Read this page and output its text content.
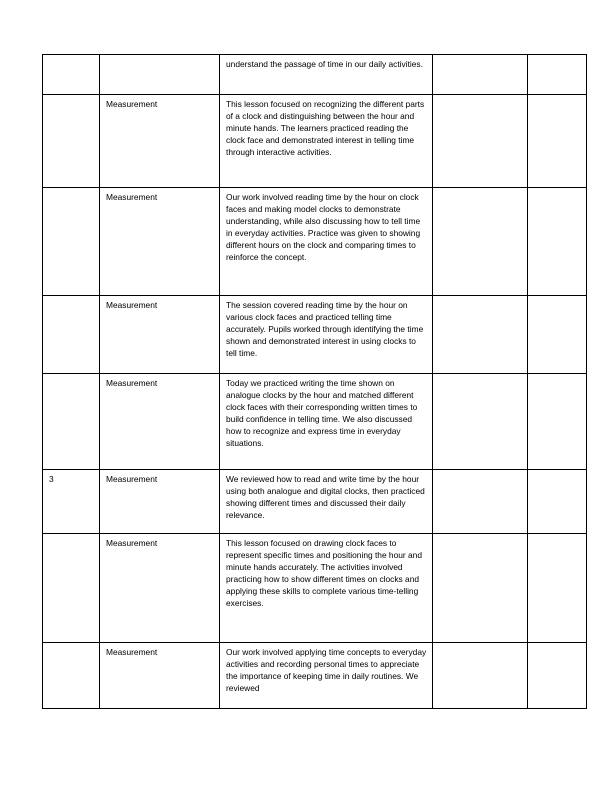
		understand the passage of time in our daily activities.		
	Measurement	This lesson focused on recognizing the different parts of a clock and distinguishing between the hour and minute hands. The learners practiced reading the clock face and demonstrated interest in telling time through interactive activities.		
	Measurement	Our work involved reading time by the hour on clock faces and making model clocks to demonstrate understanding, while also discussing how to tell time in everyday activities. Practice was given to showing different hours on the clock and comparing times to reinforce the concept.		
	Measurement	The session covered reading time by the hour on various clock faces and practiced telling time accurately. Pupils worked through identifying the time shown and demonstrated interest in using clocks to tell time.		
	Measurement	Today we practiced writing the time shown on analogue clocks by the hour and matched different clock faces with their corresponding written times to build confidence in telling time. We also discussed how to recognize and express time in everyday situations.		
3	Measurement	We reviewed how to read and write time by the hour using both analogue and digital clocks, then practiced showing different times and discussed their daily relevance.		
	Measurement	This lesson focused on drawing clock faces to represent specific times and positioning the hour and minute hands accurately. The activities involved practicing how to show different times on clocks and applying these skills to complete various time-telling exercises.		
	Measurement	Our work involved applying time concepts to everyday activities and recording personal times to appreciate the importance of keeping time in daily routines. We reviewed		
